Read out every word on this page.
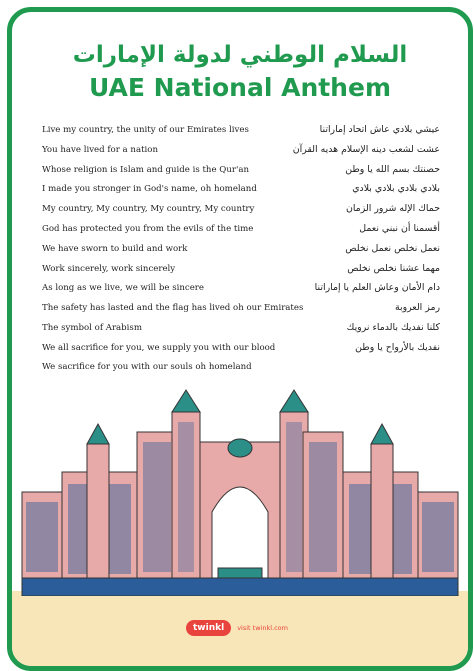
السلام الوطني لدولة الإمارات
UAE National Anthem
Live my country, the unity of our Emirates lives	عيشي بلادي عاش اتحاد إماراتنا
You have lived for a nation	عشت لشعب دينه الإسلام هديه القرآن
Whose religion is Islam and guide is the Qur'an	حصنتك بسم الله يا وطن
I made you stronger in God's name, oh homeland	بلادي بلادي بلادي بلادي
My country, My country, My country, My country	حماك الإله شرور الزمان
God has protected you from the evils of the time	أقسمنا أن نبني نعمل
We have sworn to build and work	نعمل نخلص نعمل نخلص
Work sincerely, work sincerely	مهما عشنا نخلص نخلص
As long as we live, we will be sincere	دام الأمان وعاش العلم يا إماراتنا
The safety has lasted and the flag has lived oh our Emirates	رمز العروبة
The symbol of Arabism	كلنا نفديك بالدماء نرويك
We all sacrifice for you, we supply you with our blood	نفديك بالأرواح يا وطن
We sacrifice for you with our souls oh homeland
twinkl	visit twinkl.com
